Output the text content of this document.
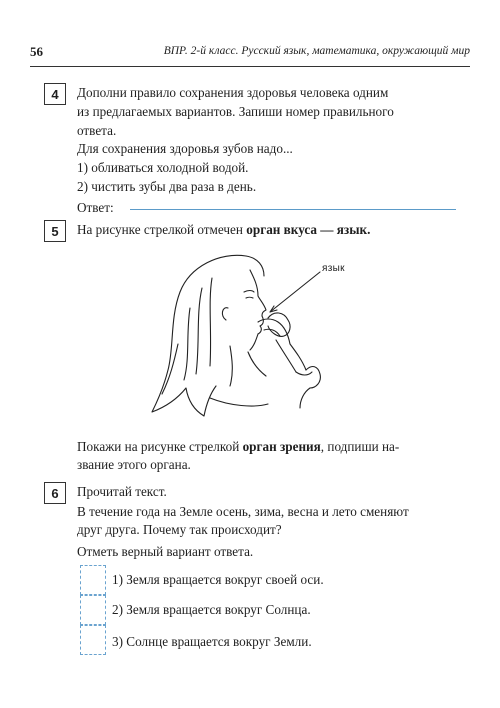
56	ВПР. 2-й класс. Русский язык, математика, окружающий мир
4	Дополни правило сохранения здоровья человека одним
из предлагаемых вариантов. Запиши номер правильного
ответа.
Для сохранения здоровья зубов надо...
1) обливаться холодной водой.
2) чистить зубы два раза в день.
Ответ:
5	На рисунке стрелкой отмечен орган вкуса — язык.
язык
Покажи на рисунке стрелкой орган зрения, подпиши на-
звание этого органа.
6	Прочитай текст.
В течение года на Земле осень, зима, весна и лето сменяют
друг друга. Почему так происходит?
Отметь верный вариант ответа.
1) Земля вращается вокруг своей оси.
2) Земля вращается вокруг Солнца.
3) Солнце вращается вокруг Земли.
